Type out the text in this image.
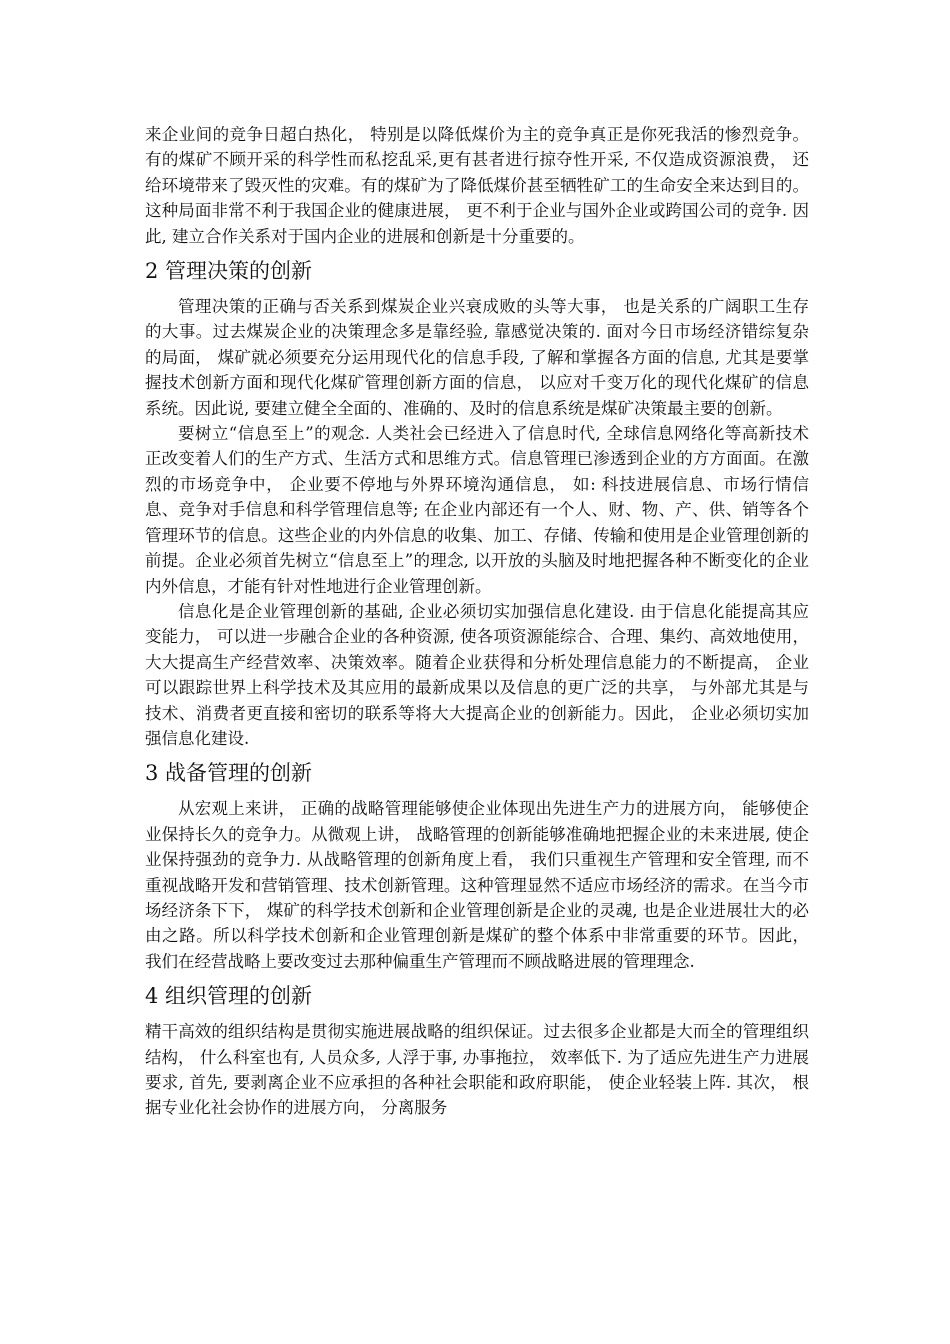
来企业间的竞争日超白热化， 特别是以降低煤价为主的竞争真正是你死我活的惨烈竞争。有的煤矿不顾开采的科学性而私挖乱采,更有甚者进行掠夺性开采, 不仅造成资源浪费， 还给环境带来了毁灭性的灾难。有的煤矿为了降低煤价甚至牺牲矿工的生命安全来达到目的。这种局面非常不利于我国企业的健康进展， 更不利于企业与国外企业或跨国公司的竞争. 因此, 建立合作关系对于国内企业的进展和创新是十分重要的。

2 管理决策的创新

管理决策的正确与否关系到煤炭企业兴衰成败的头等大事， 也是关系的广阔职工生存的大事。过去煤炭企业的决策理念多是靠经验, 靠感觉决策的. 面对今日市场经济错综复杂的局面， 煤矿就必须要充分运用现代化的信息手段, 了解和掌握各方面的信息, 尤其是要掌握技术创新方面和现代化煤矿管理创新方面的信息， 以应对千变万化的现代化煤矿的信息系统。因此说, 要建立健全全面的、准确的、及时的信息系统是煤矿决策最主要的创新。

要树立“信息至上”的观念. 人类社会已经进入了信息时代, 全球信息网络化等高新技术正改变着人们的生产方式、生活方式和思维方式。信息管理已渗透到企业的方方面面。在激烈的市场竞争中， 企业要不停地与外界环境沟通信息， 如: 科技进展信息、市场行情信息、竞争对手信息和科学管理信息等; 在企业内部还有一个人、财、物、产、供、销等各个管理环节的信息。这些企业的内外信息的收集、加工、存储、传输和使用是企业管理创新的前提。企业必须首先树立“信息至上”的理念, 以开放的头脑及时地把握各种不断变化的企业内外信息，才能有针对性地进行企业管理创新。

信息化是企业管理创新的基础, 企业必须切实加强信息化建设. 由于信息化能提高其应变能力， 可以进一步融合企业的各种资源, 使各项资源能综合、合理、集约、高效地使用， 大大提高生产经营效率、决策效率。随着企业获得和分析处理信息能力的不断提高， 企业可以跟踪世界上科学技术及其应用的最新成果以及信息的更广泛的共享， 与外部尤其是与技术、消费者更直接和密切的联系等将大大提高企业的创新能力。因此， 企业必须切实加强信息化建设.

3 战备管理的创新

从宏观上来讲， 正确的战略管理能够使企业体现出先进生产力的进展方向， 能够使企业保持长久的竞争力。从微观上讲， 战略管理的创新能够准确地把握企业的未来进展, 使企业保持强劲的竞争力. 从战略管理的创新角度上看， 我们只重视生产管理和安全管理, 而不重视战略开发和营销管理、技术创新管理。这种管理显然不适应市场经济的需求。在当今市场经济条下下， 煤矿的科学技术创新和企业管理创新是企业的灵魂, 也是企业进展壮大的必由之路。所以科学技术创新和企业管理创新是煤矿的整个体系中非常重要的环节。因此， 我们在经营战略上要改变过去那种偏重生产管理而不顾战略进展的管理理念.

4 组织管理的创新

精干高效的组织结构是贯彻实施进展战略的组织保证。过去很多企业都是大而全的管理组织结构， 什么科室也有, 人员众多, 人浮于事, 办事拖拉， 效率低下. 为了适应先进生产力进展要求, 首先, 要剥离企业不应承担的各种社会职能和政府职能， 使企业轻装上阵. 其次， 根据专业化社会协作的进展方向， 分离服务
